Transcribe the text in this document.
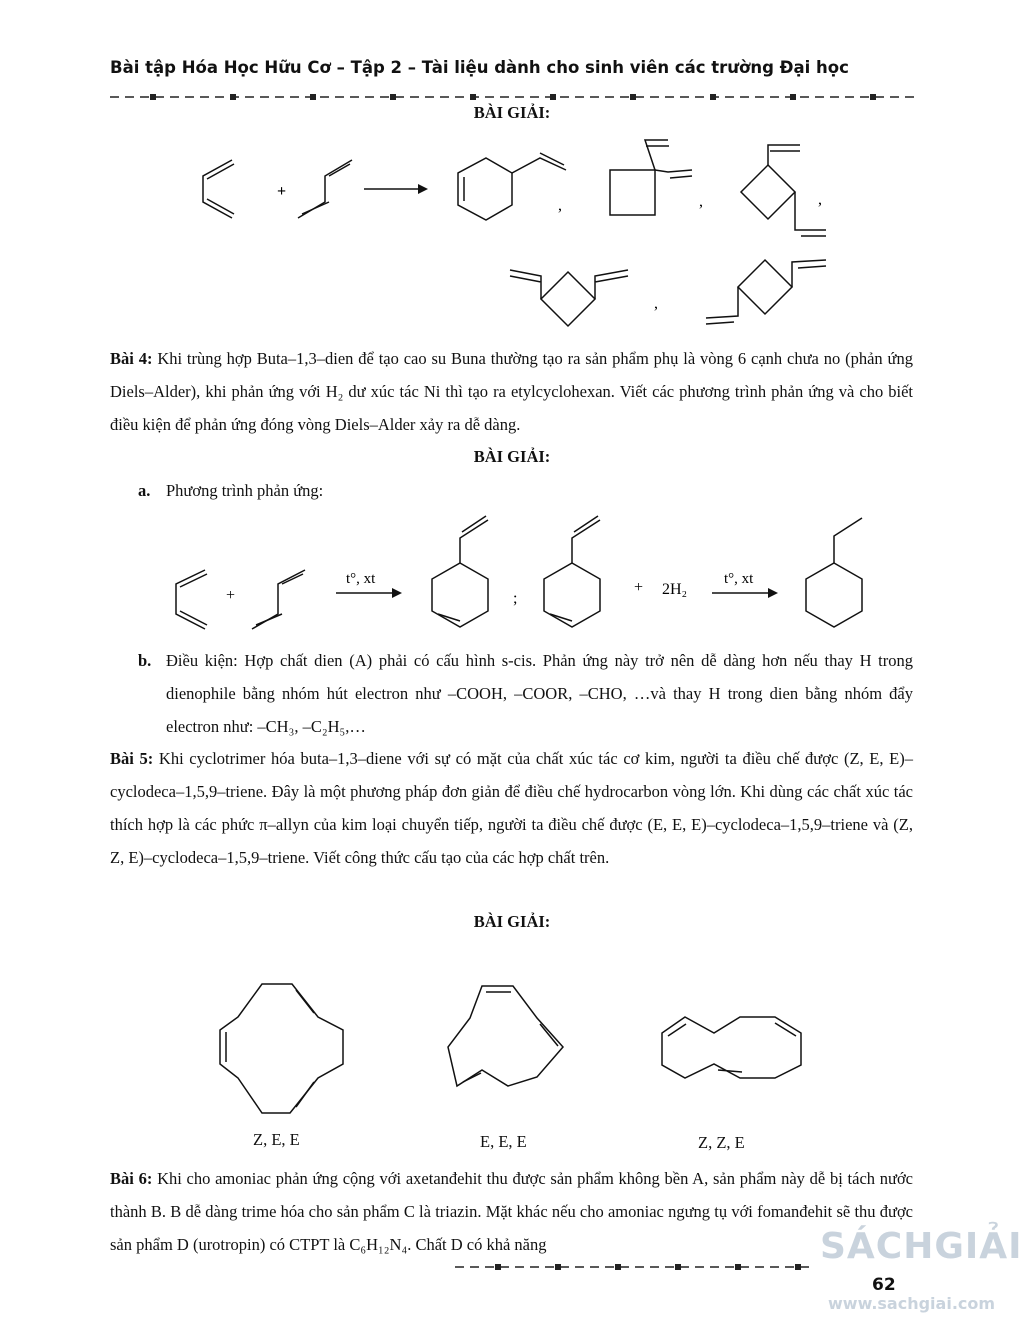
Bài tập Hóa Học Hữu Cơ – Tập 2 – Tài liệu dành cho sinh viên các trường Đại học
BÀI GIẢI:
+
,	,	,
,
Bài 4: Khi trùng hợp Buta–1,3–dien để tạo cao su Buna thường tạo ra sản phẩm phụ là vòng 6 cạnh chưa no (phản ứng Diels–Alder), khi phản ứng với H₂ dư xúc tác Ni thì tạo ra etylcyclohexan. Viết các phương trình phản ứng và cho biết điều kiện để phản ứng đóng vòng Diels–Alder xảy ra dễ dàng.
BÀI GIẢI:
a. Phương trình phản ứng:
+
t°, xt
;
+ 2H₂
t°, xt
b. Điều kiện: Hợp chất dien (A) phải có cấu hình s-cis. Phản ứng này trở nên dễ dàng hơn nếu thay H trong dienophile bằng nhóm hút electron như –COOH, –COOR, –CHO, …và thay H trong dien bằng nhóm đẩy electron như: –CH₃, –C₂H₅,…
Bài 5: Khi cyclotrimer hóa buta–1,3–diene với sự có mặt của chất xúc tác cơ kim, người ta điều chế được (Z, E, E)–cyclodeca–1,5,9–triene. Đây là một phương pháp đơn giản để điều chế hydrocarbon vòng lớn. Khi dùng các chất xúc tác thích hợp là các phức π–allyn của kim loại chuyển tiếp, người ta điều chế được (E, E, E)–cyclodeca–1,5,9–triene và (Z, Z, E)–cyclodeca–1,5,9–triene. Viết công thức cấu tạo của các hợp chất trên.
BÀI GIẢI:
Z, E, E	E, E, E	Z, Z, E
Bài 6: Khi cho amoniac phản ứng cộng với axetanđehit thu được sản phẩm không bền A, sản phẩm này dễ bị tách nước thành B. B dễ dàng trime hóa cho sản phẩm C là triazin. Mặt khác nếu cho amoniac ngưng tụ với fomanđehit sẽ thu được sản phẩm D (urotropin) có CTPT là C₆H₁₂N₄. Chất D có khả năng
62
SÁCHGIẢI
www.sachgiai.com
